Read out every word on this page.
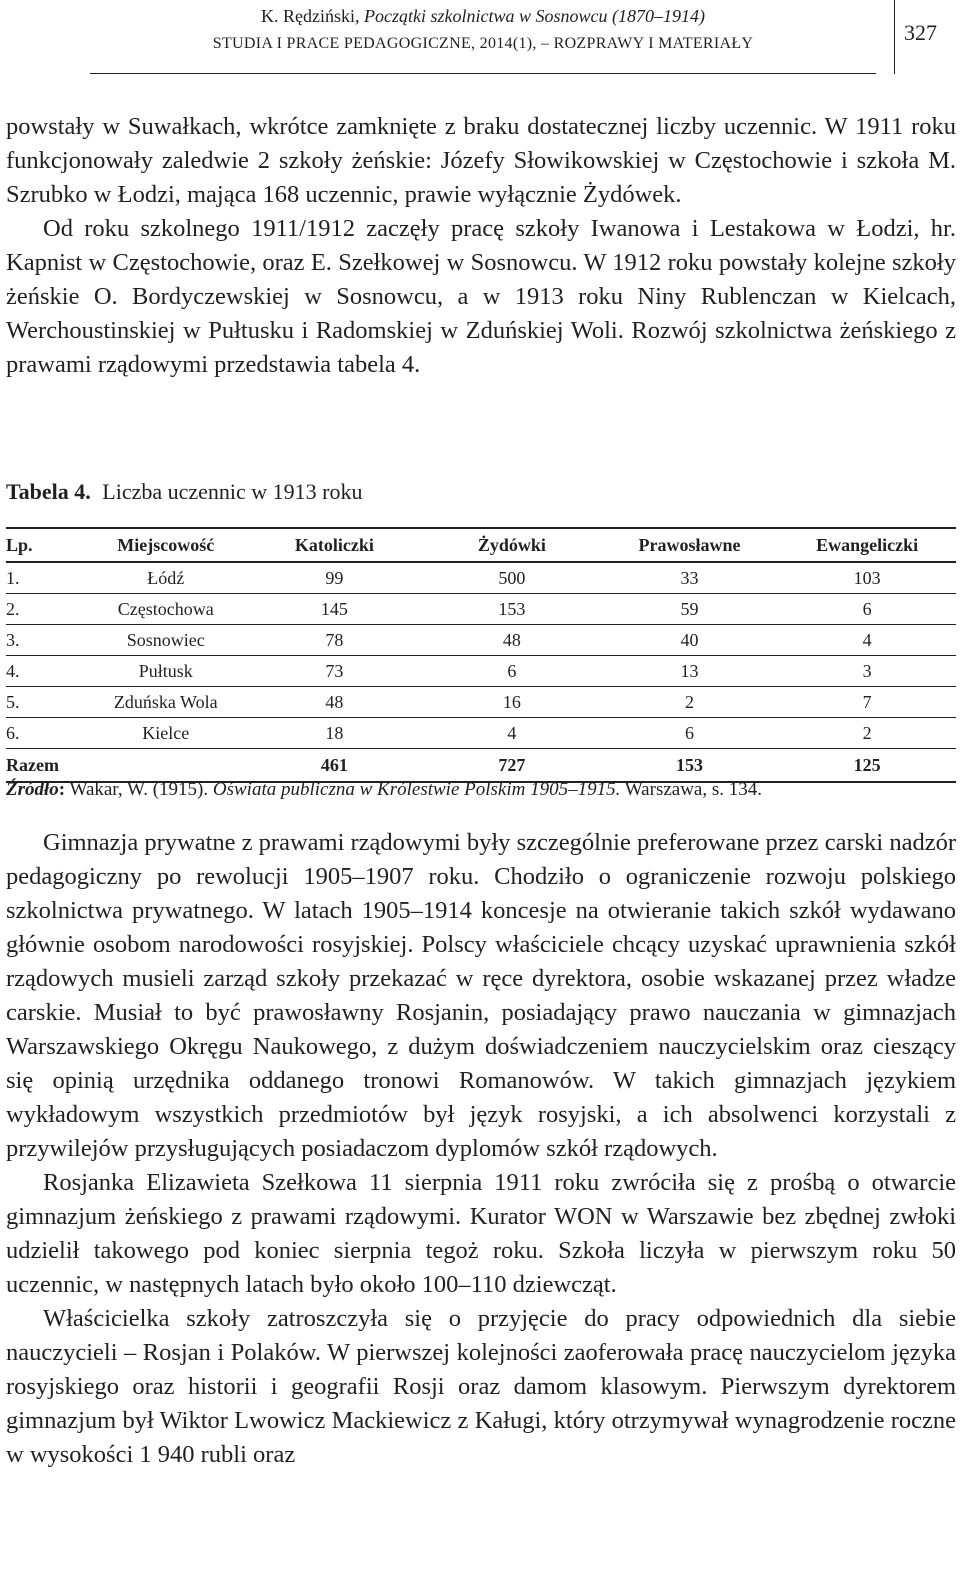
K. Rędziński, Początki szkolnictwa w Sosnowcu (1870–1914)
STUDIA I PRACE PEDAGOGICZNE, 2014(1), – ROZPRAWY I MATERIAŁY	327

powstały w Suwałkach, wkrótce zamknięte z braku dostatecznej liczby uczennic. W 1911 roku funkcjonowały zaledwie 2 szkoły żeńskie: Józefy Słowikowskiej w Częstochowie i szkoła M. Szrubko w Łodzi, mająca 168 uczennic, prawie wyłącznie Żydówek.

Od roku szkolnego 1911/1912 zaczęły pracę szkoły Iwanowa i Lestakowa w Łodzi, hr. Kapnist w Częstochowie, oraz E. Szełkowej w Sosnowcu. W 1912 roku powstały kolejne szkoły żeńskie O. Bordyczewskiej w Sosnowcu, a w 1913 roku Niny Rublenczan w Kielcach, Werchoustinskiej w Pułtusku i Radomskiej w Zduńskiej Woli. Rozwój szkolnictwa żeńskiego z prawami rządowymi przedstawia tabela 4.

Tabela 4. Liczba uczennic w 1913 roku
Lp.	Miejscowość	Katoliczki	Żydówki	Prawosławne	Ewangeliczki
1.	Łódź	99	500	33	103
2.	Częstochowa	145	153	59	6
3.	Sosnowiec	78	48	40	4
4.	Pułtusk	73	6	13	3
5.	Zduńska Wola	48	16	2	7
6.	Kielce	18	4	6	2
Razem		461	727	153	125
Źródło: Wakar, W. (1915). Oświata publiczna w Królestwie Polskim 1905–1915. Warszawa, s. 134.

Gimnazja prywatne z prawami rządowymi były szczególnie preferowane przez carski nadzór pedagogiczny po rewolucji 1905–1907 roku. Chodziło o ograniczenie rozwoju polskiego szkolnictwa prywatnego. W latach 1905–1914 koncesje na otwieranie takich szkół wydawano głównie osobom narodowości rosyjskiej. Polscy właściciele chcący uzyskać uprawnienia szkół rządowych musieli zarząd szkoły przekazać w ręce dyrektora, osobie wskazanej przez władze carskie. Musiał to być prawosławny Rosjanin, posiadający prawo nauczania w gimnazjach Warszawskiego Okręgu Naukowego, z dużym doświadczeniem nauczycielskim oraz cieszący się opinią urzędnika oddanego tronowi Romanowów. W takich gimnazjach językiem wykładowym wszystkich przedmiotów był język rosyjski, a ich absolwenci korzystali z przywilejów przysługujących posiadaczom dyplomów szkół rządowych.

Rosjanka Elizawieta Szełkowa 11 sierpnia 1911 roku zwróciła się z prośbą o otwarcie gimnazjum żeńskiego z prawami rządowymi. Kurator WON w Warszawie bez zbędnej zwłoki udzielił takowego pod koniec sierpnia tegoż roku. Szkoła liczyła w pierwszym roku 50 uczennic, w następnych latach było około 100–110 dziewcząt.

Właścicielka szkoły zatroszczyła się o przyjęcie do pracy odpowiednich dla siebie nauczycieli – Rosjan i Polaków. W pierwszej kolejności zaoferowała pracę nauczycielom języka rosyjskiego oraz historii i geografii Rosji oraz damom klasowym. Pierwszym dyrektorem gimnazjum był Wiktor Lwowicz Mackiewicz z Kaługi, który otrzymywał wynagrodzenie roczne w wysokości 1 940 rubli oraz
